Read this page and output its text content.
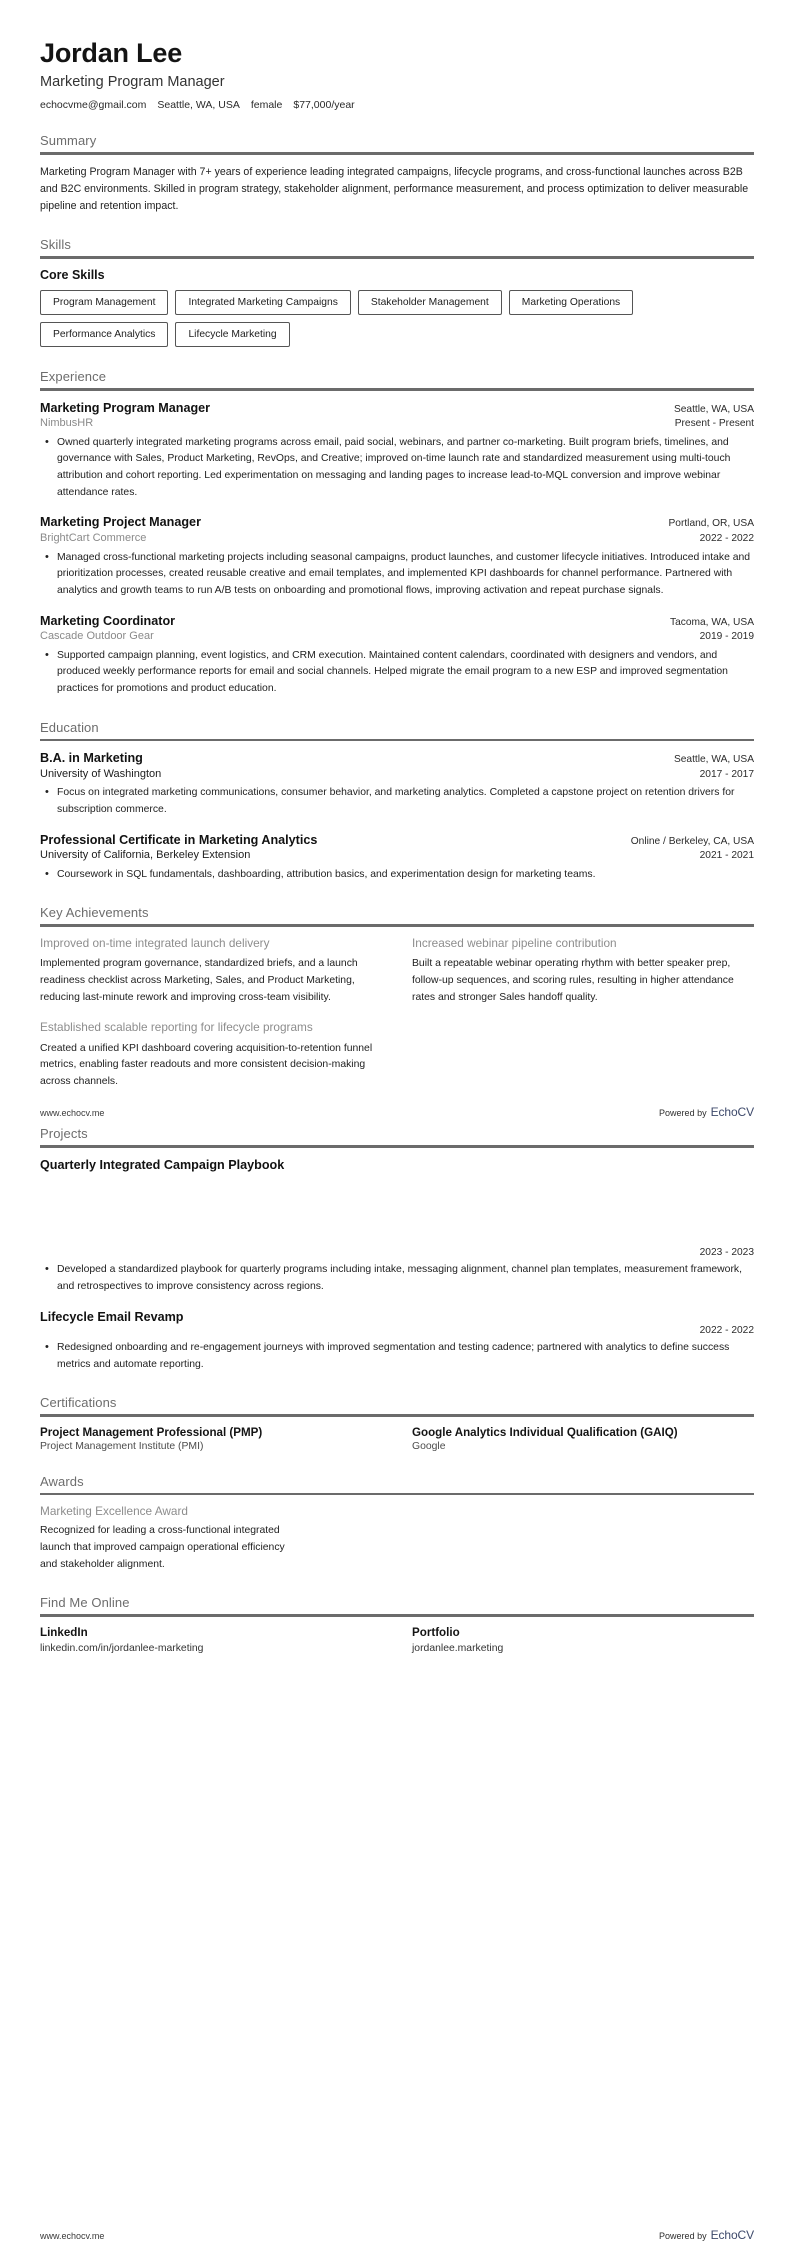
Jordan Lee
Marketing Program Manager
echocvme@gmail.com Seattle, WA, USA female $77,000/year
Summary

Marketing Program Manager with 7+ years of experience leading integrated campaigns, lifecycle programs, and cross-functional launches across B2B and B2C environments. Skilled in program strategy, stakeholder alignment, performance measurement, and process optimization to deliver measurable pipeline and retention impact.

Skills
Core Skills
Program Management	Integrated Marketing Campaigns	Stakeholder Management	Marketing Operations
Performance Analytics	Lifecycle Marketing
Experience
Marketing Program Manager	Seattle, WA, USA
NimbusHR	Present - Present
• Owned quarterly integrated marketing programs across email, paid social, webinars, and partner co-marketing. Built program briefs, timelines, and governance with Sales, Product Marketing, RevOps, and Creative; improved on-time launch rate and standardized measurement using multi-touch attribution and cohort reporting. Led experimentation on messaging and landing pages to increase lead-to-MQL conversion and improve webinar attendance rates.
Marketing Project Manager	Portland, OR, USA
BrightCart Commerce	2022 - 2022
• Managed cross-functional marketing projects including seasonal campaigns, product launches, and customer lifecycle initiatives. Introduced intake and prioritization processes, created reusable creative and email templates, and implemented KPI dashboards for channel performance. Partnered with analytics and growth teams to run A/B tests on onboarding and promotional flows, improving activation and repeat purchase signals.
Marketing Coordinator	Tacoma, WA, USA
Cascade Outdoor Gear	2019 - 2019
• Supported campaign planning, event logistics, and CRM execution. Maintained content calendars, coordinated with designers and vendors, and produced weekly performance reports for email and social channels. Helped migrate the email program to a new ESP and improved segmentation practices for promotions and product education.
Education
B.A. in Marketing	Seattle, WA, USA
University of Washington	2017 - 2017
• Focus on integrated marketing communications, consumer behavior, and marketing analytics. Completed a capstone project on retention drivers for subscription commerce.
Professional Certificate in Marketing Analytics	Online / Berkeley, CA, USA
University of California, Berkeley Extension	2021 - 2021
• Coursework in SQL fundamentals, dashboarding, attribution basics, and experimentation design for marketing teams.
Key Achievements
Improved on-time integrated launch delivery

Implemented program governance, standardized briefs, and a launch readiness checklist across Marketing, Sales, and Product Marketing, reducing last-minute rework and improving cross-team visibility.

Established scalable reporting for lifecycle programs

Created a unified KPI dashboard covering acquisition-to-retention funnel metrics, enabling faster readouts and more consistent decision-making across channels.

Increased webinar pipeline contribution

Built a repeatable webinar operating rhythm with better speaker prep, follow-up sequences, and scoring rules, resulting in higher attendance rates and stronger Sales handoff quality.

Projects
Quarterly Integrated Campaign Playbook
2023 - 2023
• Developed a standardized playbook for quarterly programs including intake, messaging alignment, channel plan templates, measurement framework, and retrospectives to improve consistency across regions.
Lifecycle Email Revamp
2022 - 2022
• Redesigned onboarding and re-engagement journeys with improved segmentation and testing cadence; partnered with analytics to define success metrics and automate reporting.
Certifications
Project Management Professional (PMP)
Project Management Institute (PMI)
Google Analytics Individual Qualification (GAIQ)
Google
Awards
Marketing Excellence Award

Recognized for leading a cross-functional integrated launch that improved campaign operational efficiency and stakeholder alignment.

Find Me Online
LinkedIn
linkedin.com/in/jordanlee-marketing
Portfolio
jordanlee.marketing
www.echocv.me	Powered by EchoCV
www.echocv.me	Powered by EchoCV
